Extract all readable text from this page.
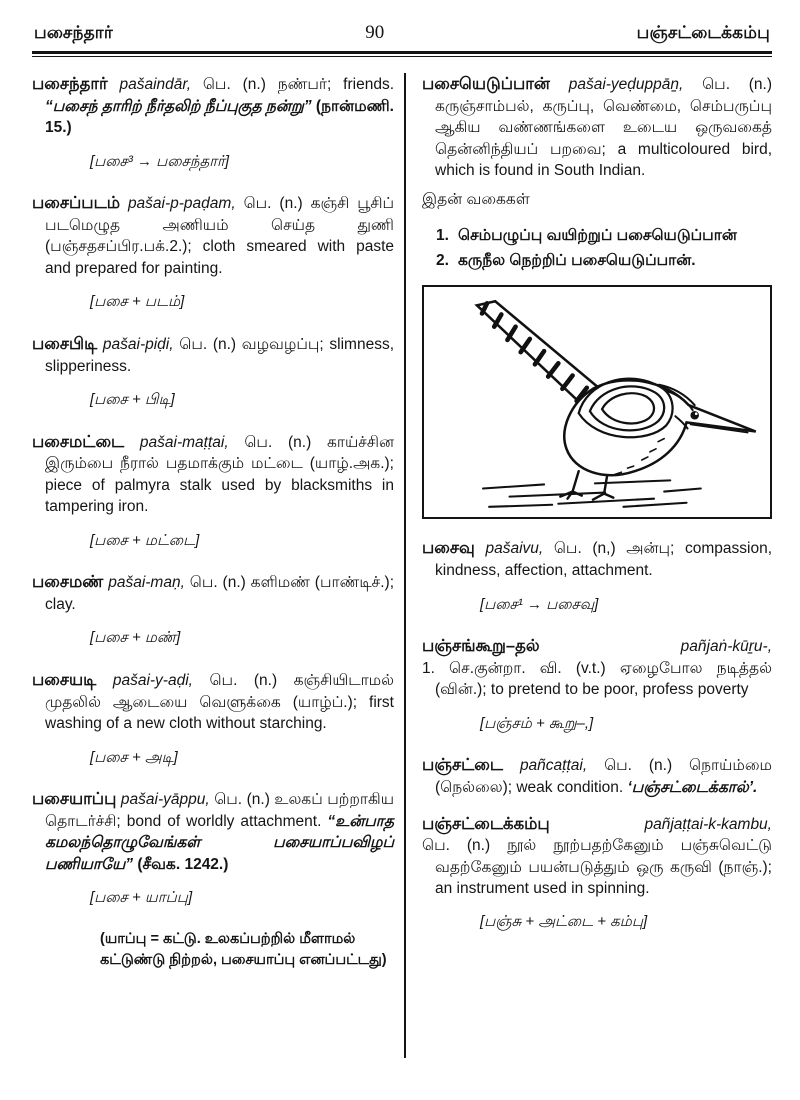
பசைந்தார்	90	பஞ்சட்டைக்கம்பு

பசைந்தார் pašaindār, பெ. (n.) நண்பர்; friends. “பசைந் தாரிற் நீர்தலிற் நீப்புகுத நன்று” (நான்மணி. 15.)

[பசை³ → பசைந்தார்]

பசைப்படம் pašai-p-paḍam, பெ. (n.) கஞ்சி பூசிப் படமெழுத அணியம் செய்த துணி (பஞ்சதசப்பிர.பக்.2.); cloth smeared with paste and prepared for painting.

[பசை + படம்]

பசைபிடி pašai-piḍi, பெ. (n.) வழவழப்பு; slimness, slipperiness.

[பசை + பிடி]

பசைமட்டை pašai-maṭṭai, பெ. (n.) காய்ச்சின இரும்பை நீரால் பதமாக்கும் மட்டை (யாழ்.அக.); piece of palmyra stalk used by blacksmiths in tampering iron.

[பசை + மட்டை]

பசைமண் pašai-maṇ, பெ. (n.) களிமண் (பாண்டிச்.); clay.

[பசை + மண்]

பசையடி pašai-y-aḍi, பெ. (n.) கஞ்சியிடாமல் முதலில் ஆடையை வெளுக்கை (யாழ்ப்.); first washing of a new cloth without starching.

[பசை + அடி]

பசையாப்பு pašai-yāppu, பெ. (n.) உலகப் பற்றாகிய தொடர்ச்சி; bond of worldly attachment. “உன்பாத கமலந்தொழுவேங்கள் பசையாப்பவிழப் பணியாயே” (சீவக. 1242.)

[பசை + யாப்பு]

(யாப்பு = கட்டு. உலகப்பற்றில் மீளாமல் கட்டுண்டு நிற்றல், பசையாப்பு எனப்பட்டது)

பசையெடுப்பான் pašai-yeḍuppāṉ, பெ. (n.) கருஞ்சாம்பல், கருப்பு, வெண்மை, செம்பருப்பு ஆகிய வண்ணங்களை உடைய ஒருவகைத் தென்னிந்தியப் பறவை; a multicoloured bird, which is found in South Indian.

இதன் வகைகள்

1. செம்பழுப்பு வயிற்றுப் பசையெடுப்பான்
2. கருநீல நெற்றிப் பசையெடுப்பான்.

பசைவு pašaivu, பெ. (n,) அன்பு; compassion, kindness, affection, attachment.

[பசை¹ → பசைவு]

பஞ்சங்கூறு–தல்	pañjaṅ-kūṟu-,

1. செ.குன்றா. வி. (v.t.) ஏழைபோல நடித்தல் (வின்.); to pretend to be poor, profess poverty

[பஞ்சம் + கூறு–,]

பஞ்சட்டை pañcaṭṭai, பெ. (n.) நொய்ம்மை (நெல்லை); weak condition. ‘பஞ்சட்டைக்கால்’.

பஞ்சட்டைக்கம்பு	pañjaṭṭai-k-kambu,

பெ. (n.) நூல் நூற்பதற்கேனும் பஞ்சுவெட்டு வதற்கேனும் பயன்படுத்தும் ஒரு கருவி (நாஞ்.); an instrument used in spinning.

[பஞ்சு + அட்டை + கம்பு]
